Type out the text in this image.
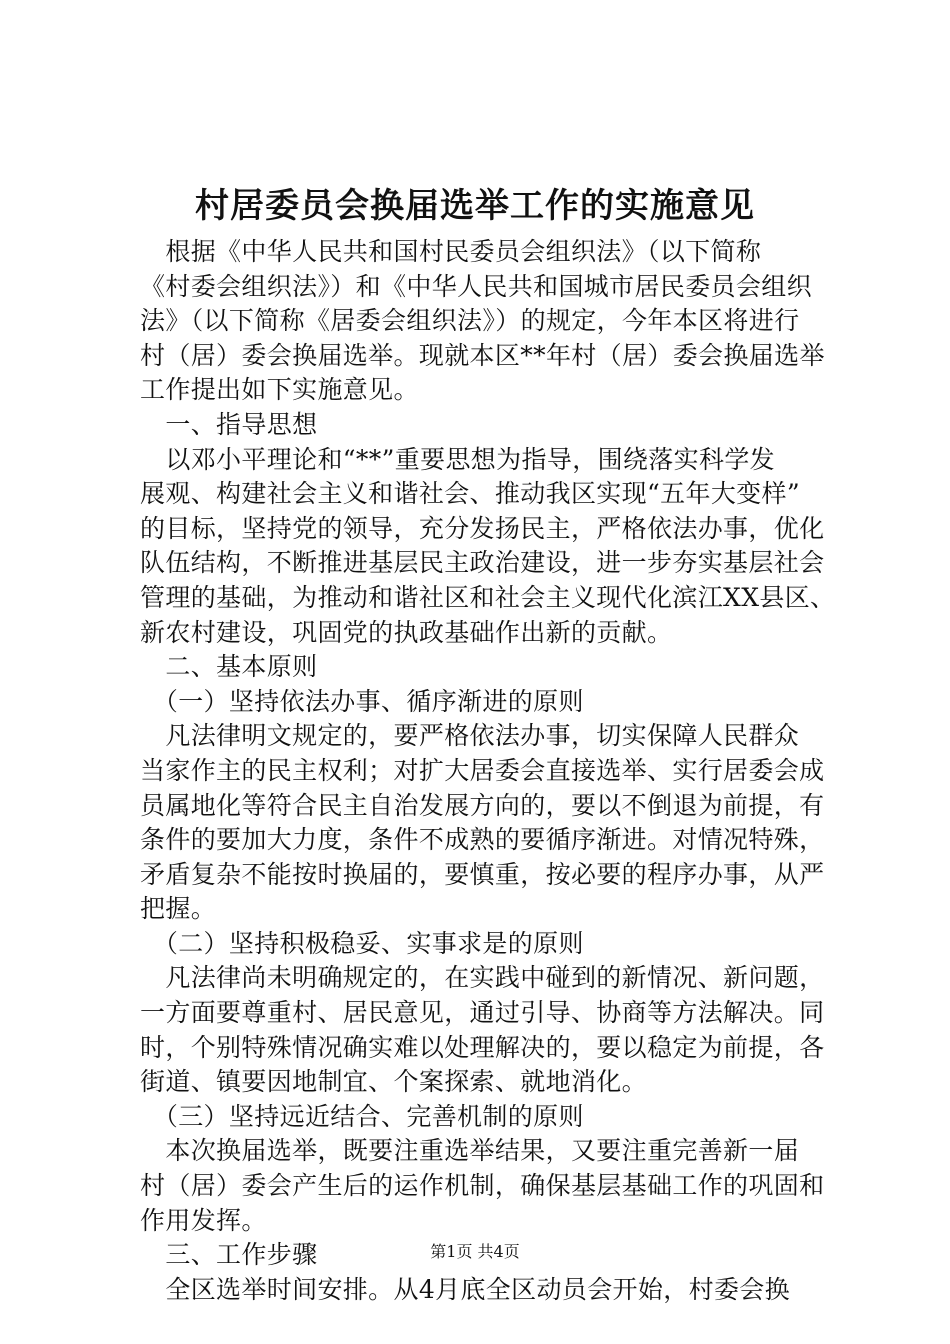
村居委员会换届选举工作的实施意见
　根据《中华人民共和国村民委员会组织法》（以下简称
《村委会组织法》）和《中华人民共和国城市居民委员会组织
法》（以下简称《居委会组织法》）的规定，今年本区将进行
村（居）委会换届选举。现就本区**年村（居）委会换届选举
工作提出如下实施意见。
　一、指导思想
　以邓小平理论和“**”重要思想为指导，围绕落实科学发
展观、构建社会主义和谐社会、推动我区实现“五年大变样”
的目标，坚持党的领导，充分发扬民主，严格依法办事，优化
队伍结构，不断推进基层民主政治建设，进一步夯实基层社会
管理的基础，为推动和谐社区和社会主义现代化滨江XX县区、
新农村建设，巩固党的执政基础作出新的贡献。
　二、基本原则
　（一）坚持依法办事、循序渐进的原则
　凡法律明文规定的，要严格依法办事，切实保障人民群众
当家作主的民主权利；对扩大居委会直接选举、实行居委会成
员属地化等符合民主自治发展方向的，要以不倒退为前提，有
条件的要加大力度，条件不成熟的要循序渐进。对情况特殊，
矛盾复杂不能按时换届的，要慎重，按必要的程序办事，从严
把握。
　（二）坚持积极稳妥、实事求是的原则
　凡法律尚未明确规定的，在实践中碰到的新情况、新问题，
一方面要尊重村、居民意见，通过引导、协商等方法解决。同
时，个别特殊情况确实难以处理解决的，要以稳定为前提，各
街道、镇要因地制宜、个案探索、就地消化。
　（三）坚持远近结合、完善机制的原则
　本次换届选举，既要注重选举结果，又要注重完善新一届
村（居）委会产生后的运作机制，确保基层基础工作的巩固和
作用发挥。
　三、工作步骤
　全区选举时间安排。从4月底全区动员会开始，村委会换
第1页 共4页
